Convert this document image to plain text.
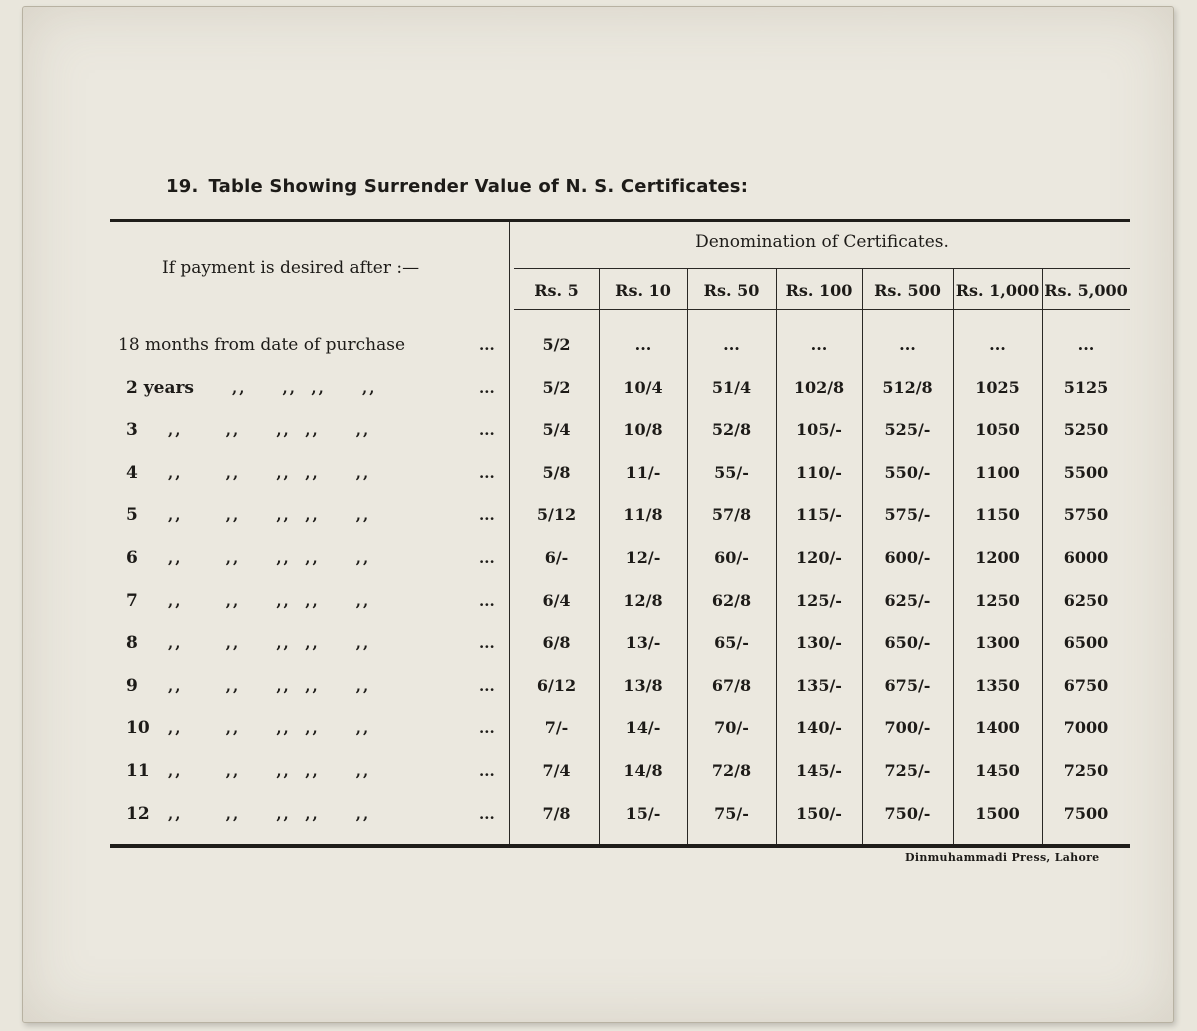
19. Table Showing Surrender Value of N. S. Certificates:
If payment is desired after :—
Denomination of Certificates.
Rs. 5	Rs. 10	Rs. 50	Rs. 100	Rs. 500 Rs. 1,000 Rs. 5,000
18 months from date of purchase	...	5/2	...	...	...	...	...	...
2 years	,,     ,,  ,,     ,,	...	5/2	10/4	51/4	102/8	512/8	1025	5125
3 ,,      ,,     ,,  ,,     ,,	...	5/4	10/8	52/8	105/-	525/-	1050	5250
4 ,,      ,,     ,,  ,,     ,,	...	5/8	11/-	55/-	110/-	550/-	1100	5500
5 ,,      ,,     ,,  ,,     ,,	...	5/12	11/8	57/8	115/-	575/-	1150	5750
6 ,,      ,,     ,,  ,,     ,,	...	6/-	12/-	60/-	120/-	600/-	1200	6000
7 ,,      ,,     ,,  ,,     ,,	...	6/4	12/8	62/8	125/-	625/-	1250	6250
8 ,,      ,,     ,,  ,,     ,,	...	6/8	13/-	65/-	130/-	650/-	1300	6500
9 ,,      ,,     ,,  ,,     ,,	...	6/12	13/8	67/8	135/-	675/-	1350	6750
10 ,,      ,,     ,,  ,,     ,,	...	7/-	14/-	70/-	140/-	700/-	1400	7000
11 ,,      ,,     ,,  ,,     ,,	...	7/4	14/8	72/8	145/-	725/-	1450	7250
12 ,,      ,,     ,,  ,,     ,,	...	7/8	15/-	75/-	150/-	750/-	1500	7500
Dinmuhammadi Press, Lahore
